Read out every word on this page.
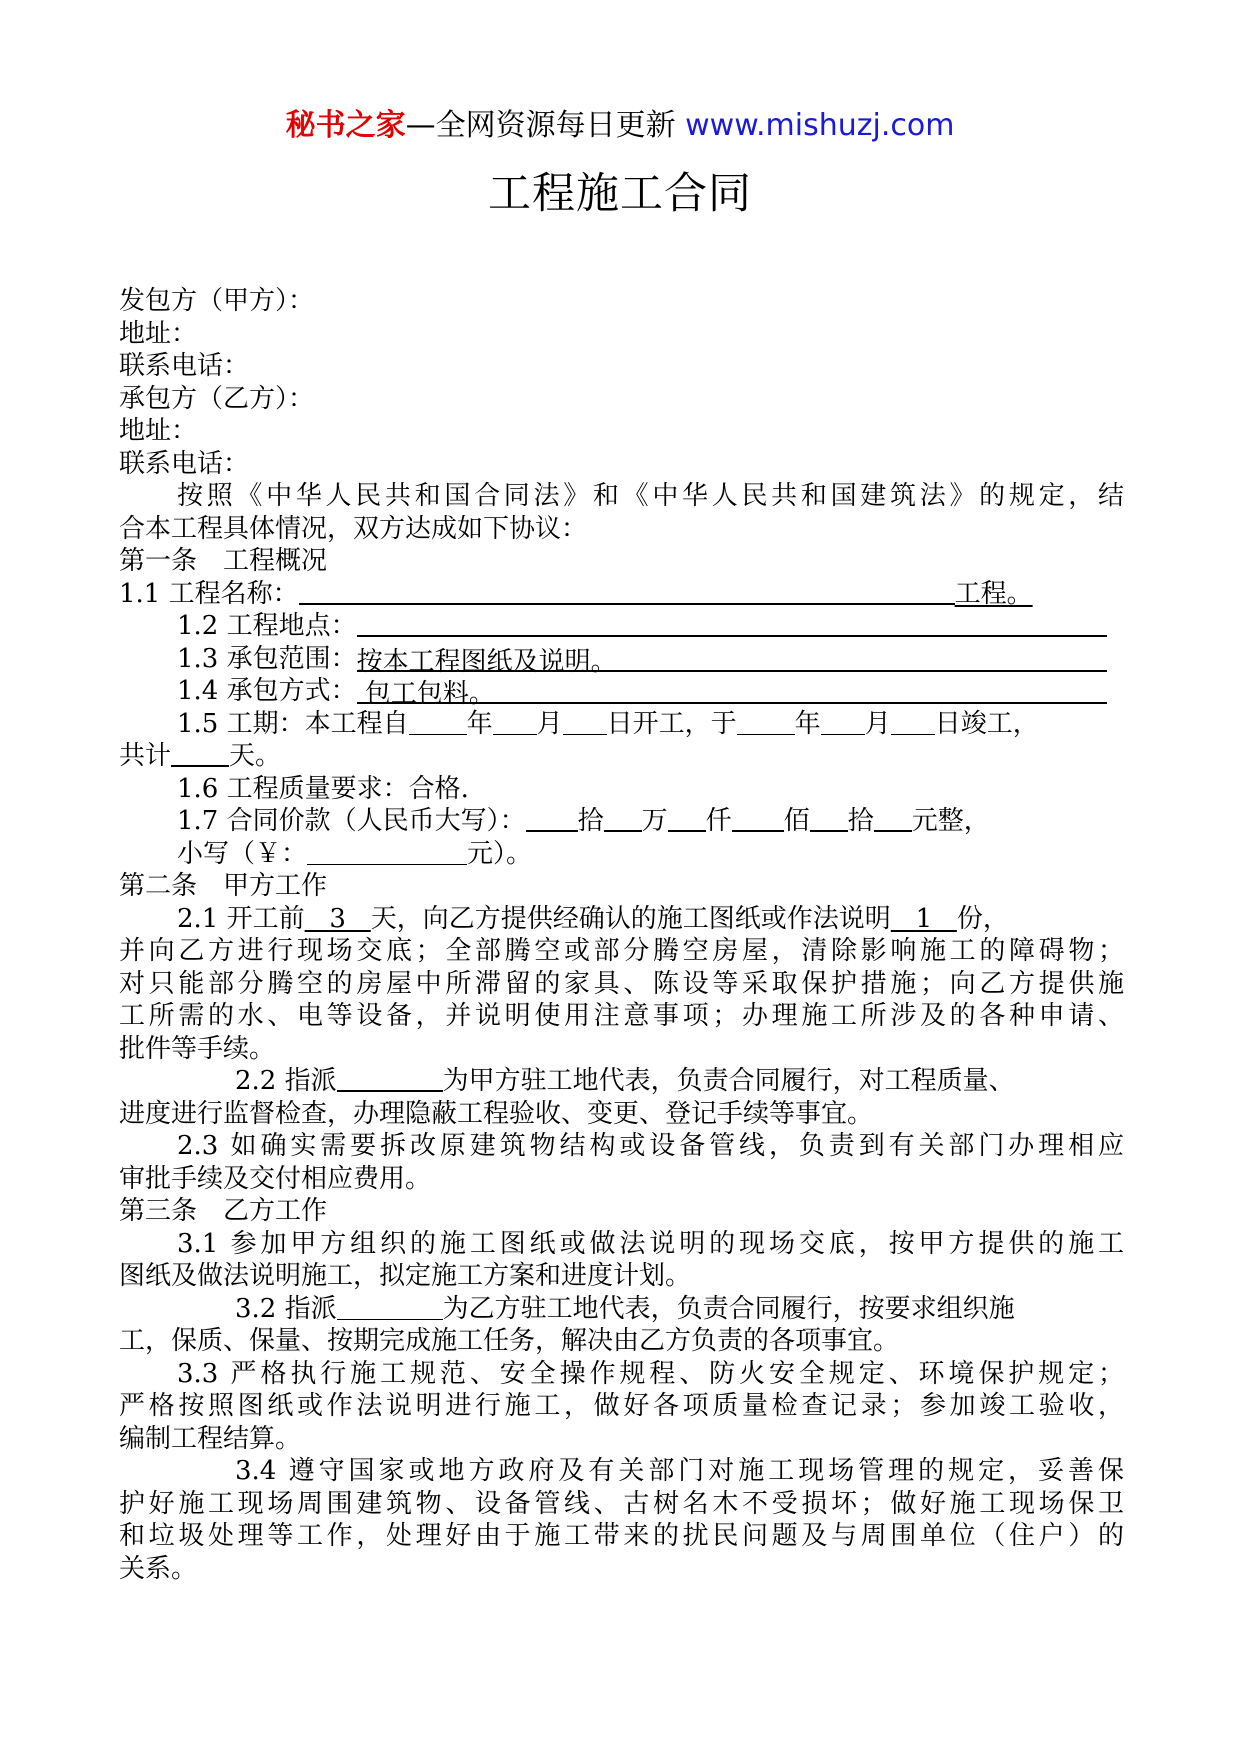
秘书之家—全网资源每日更新 www.mishuzj.com
工程施工合同
发包方（甲方）：
地址：
联系电话：
承包方（乙方）：
地址：
联系电话：
按照《中华人民共和国合同法》和《中华人民共和国建筑法》的规定，结
合本工程具体情况，双方达成如下协议：
第一条　工程概况
1.1 工程名称：	工程。
1.2 工程地点：
1.3 承包范围：按本工程图纸及说明。
1.4 承包方式： 包工包料。
1.5 工期：本工程自 年 月 日开工，于 年 月 日竣工，
共计 天。
1.6 工程质量要求：合格.
1.7 合同价款（人民币大写）： 拾 万 仟 佰 拾 元整，
小写（￥：	元）。
第二条　甲方工作
2.1 开工前 3 天，向乙方提供经确认的施工图纸或作法说明 1 份，
并向乙方进行现场交底；全部腾空或部分腾空房屋，清除影响施工的障碍物；
对只能部分腾空的房屋中所滞留的家具、陈设等采取保护措施；向乙方提供施
工所需的水、电等设备，并说明使用注意事项；办理施工所涉及的各种申请、
批件等手续。
2.2 指派	为甲方驻工地代表，负责合同履行，对工程质量、
进度进行监督检查，办理隐蔽工程验收、变更、登记手续等事宜。
2.3 如确实需要拆改原建筑物结构或设备管线，负责到有关部门办理相应
审批手续及交付相应费用。
第三条　乙方工作
3.1 参加甲方组织的施工图纸或做法说明的现场交底，按甲方提供的施工
图纸及做法说明施工，拟定施工方案和进度计划。
3.2 指派	为乙方驻工地代表，负责合同履行，按要求组织施
工，保质、保量、按期完成施工任务，解决由乙方负责的各项事宜。
3.3 严格执行施工规范、安全操作规程、防火安全规定、环境保护规定；
严格按照图纸或作法说明进行施工，做好各项质量检查记录；参加竣工验收，
编制工程结算。
3.4 遵守国家或地方政府及有关部门对施工现场管理的规定，妥善保
护好施工现场周围建筑物、设备管线、古树名木不受损坏；做好施工现场保卫
和垃圾处理等工作，处理好由于施工带来的扰民问题及与周围单位（住户）的
关系。
